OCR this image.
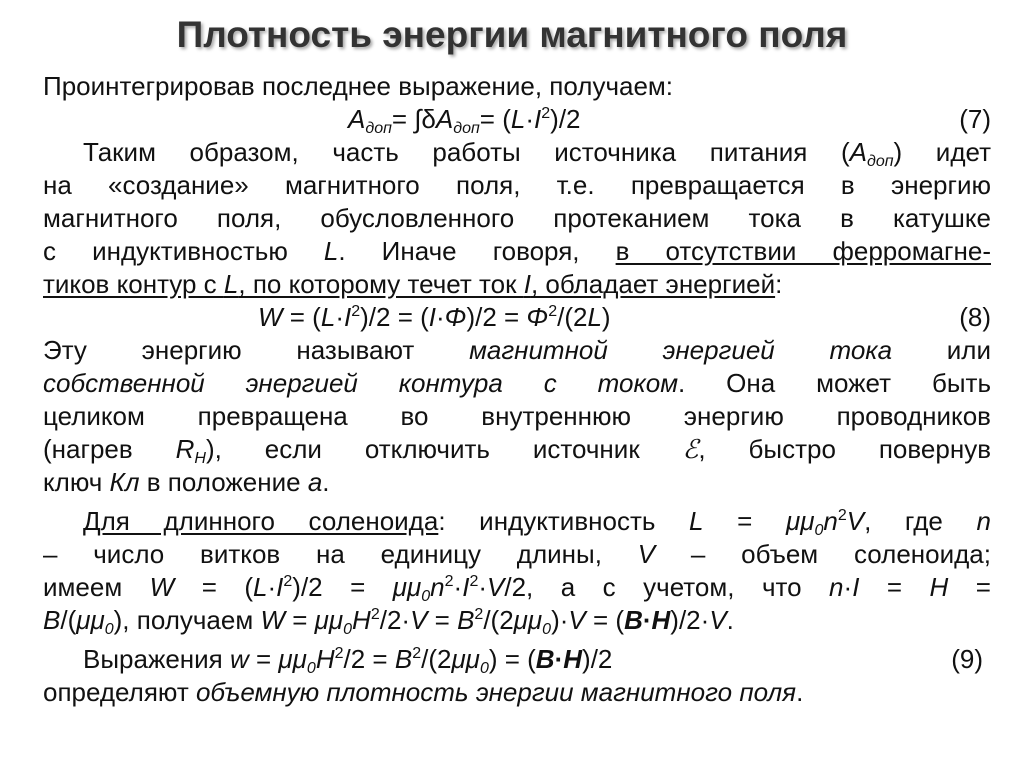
Плотность энергии магнитного поля
Проинтегрировав последнее выражение, получаем:
$A_{доп}= \int\delta A_{доп}= (L\cdot I^2)/2$	(7)
Таким образом, часть работы источника питания $(A_{доп})$ идет
на «создание» магнитного поля, т.е. превращается в энергию
магнитного поля, обусловленного протеканием тока в катушке
с индуктивностью L. Иначе говоря, в отсутствии ферромагне-
тиков контур с L, по которому течет ток I, обладает энергией:
$W = (L\cdot I^2)/2 = (I\cdot\Phi)/2 = \Phi^2/(2L)$	(8)
Эту энергию называют магнитной энергией тока или
собственной энергией контура с током. Она может быть
целиком превращена во внутреннюю энергию проводников
(нагрев $R_H$), если отключить источник ℰ, быстро повернув
ключ Кл в положение a.
Для длинного соленоида: индуктивность $L = \mu\mu_0n^2V$, где n
– число витков на единицу длины, V – объем соленоида;
имеем $W = (L\cdot I^2)/2 = \mu\mu_0n^2\cdot I^2\cdot V/2$, а с учетом, что n·I = H =
$B/(\mu\mu_0)$, получаем $W = \mu\mu_0H^2/2\cdot V = B^2/(2\mu\mu_0)\cdot V = (B\cdot H)/2\cdot V$.
Выражения $w = \mu\mu_0H^2/2 = B^2/(2\mu\mu_0) = (B\cdot H)/2$	(9)
определяют объемную плотность энергии магнитного поля.
